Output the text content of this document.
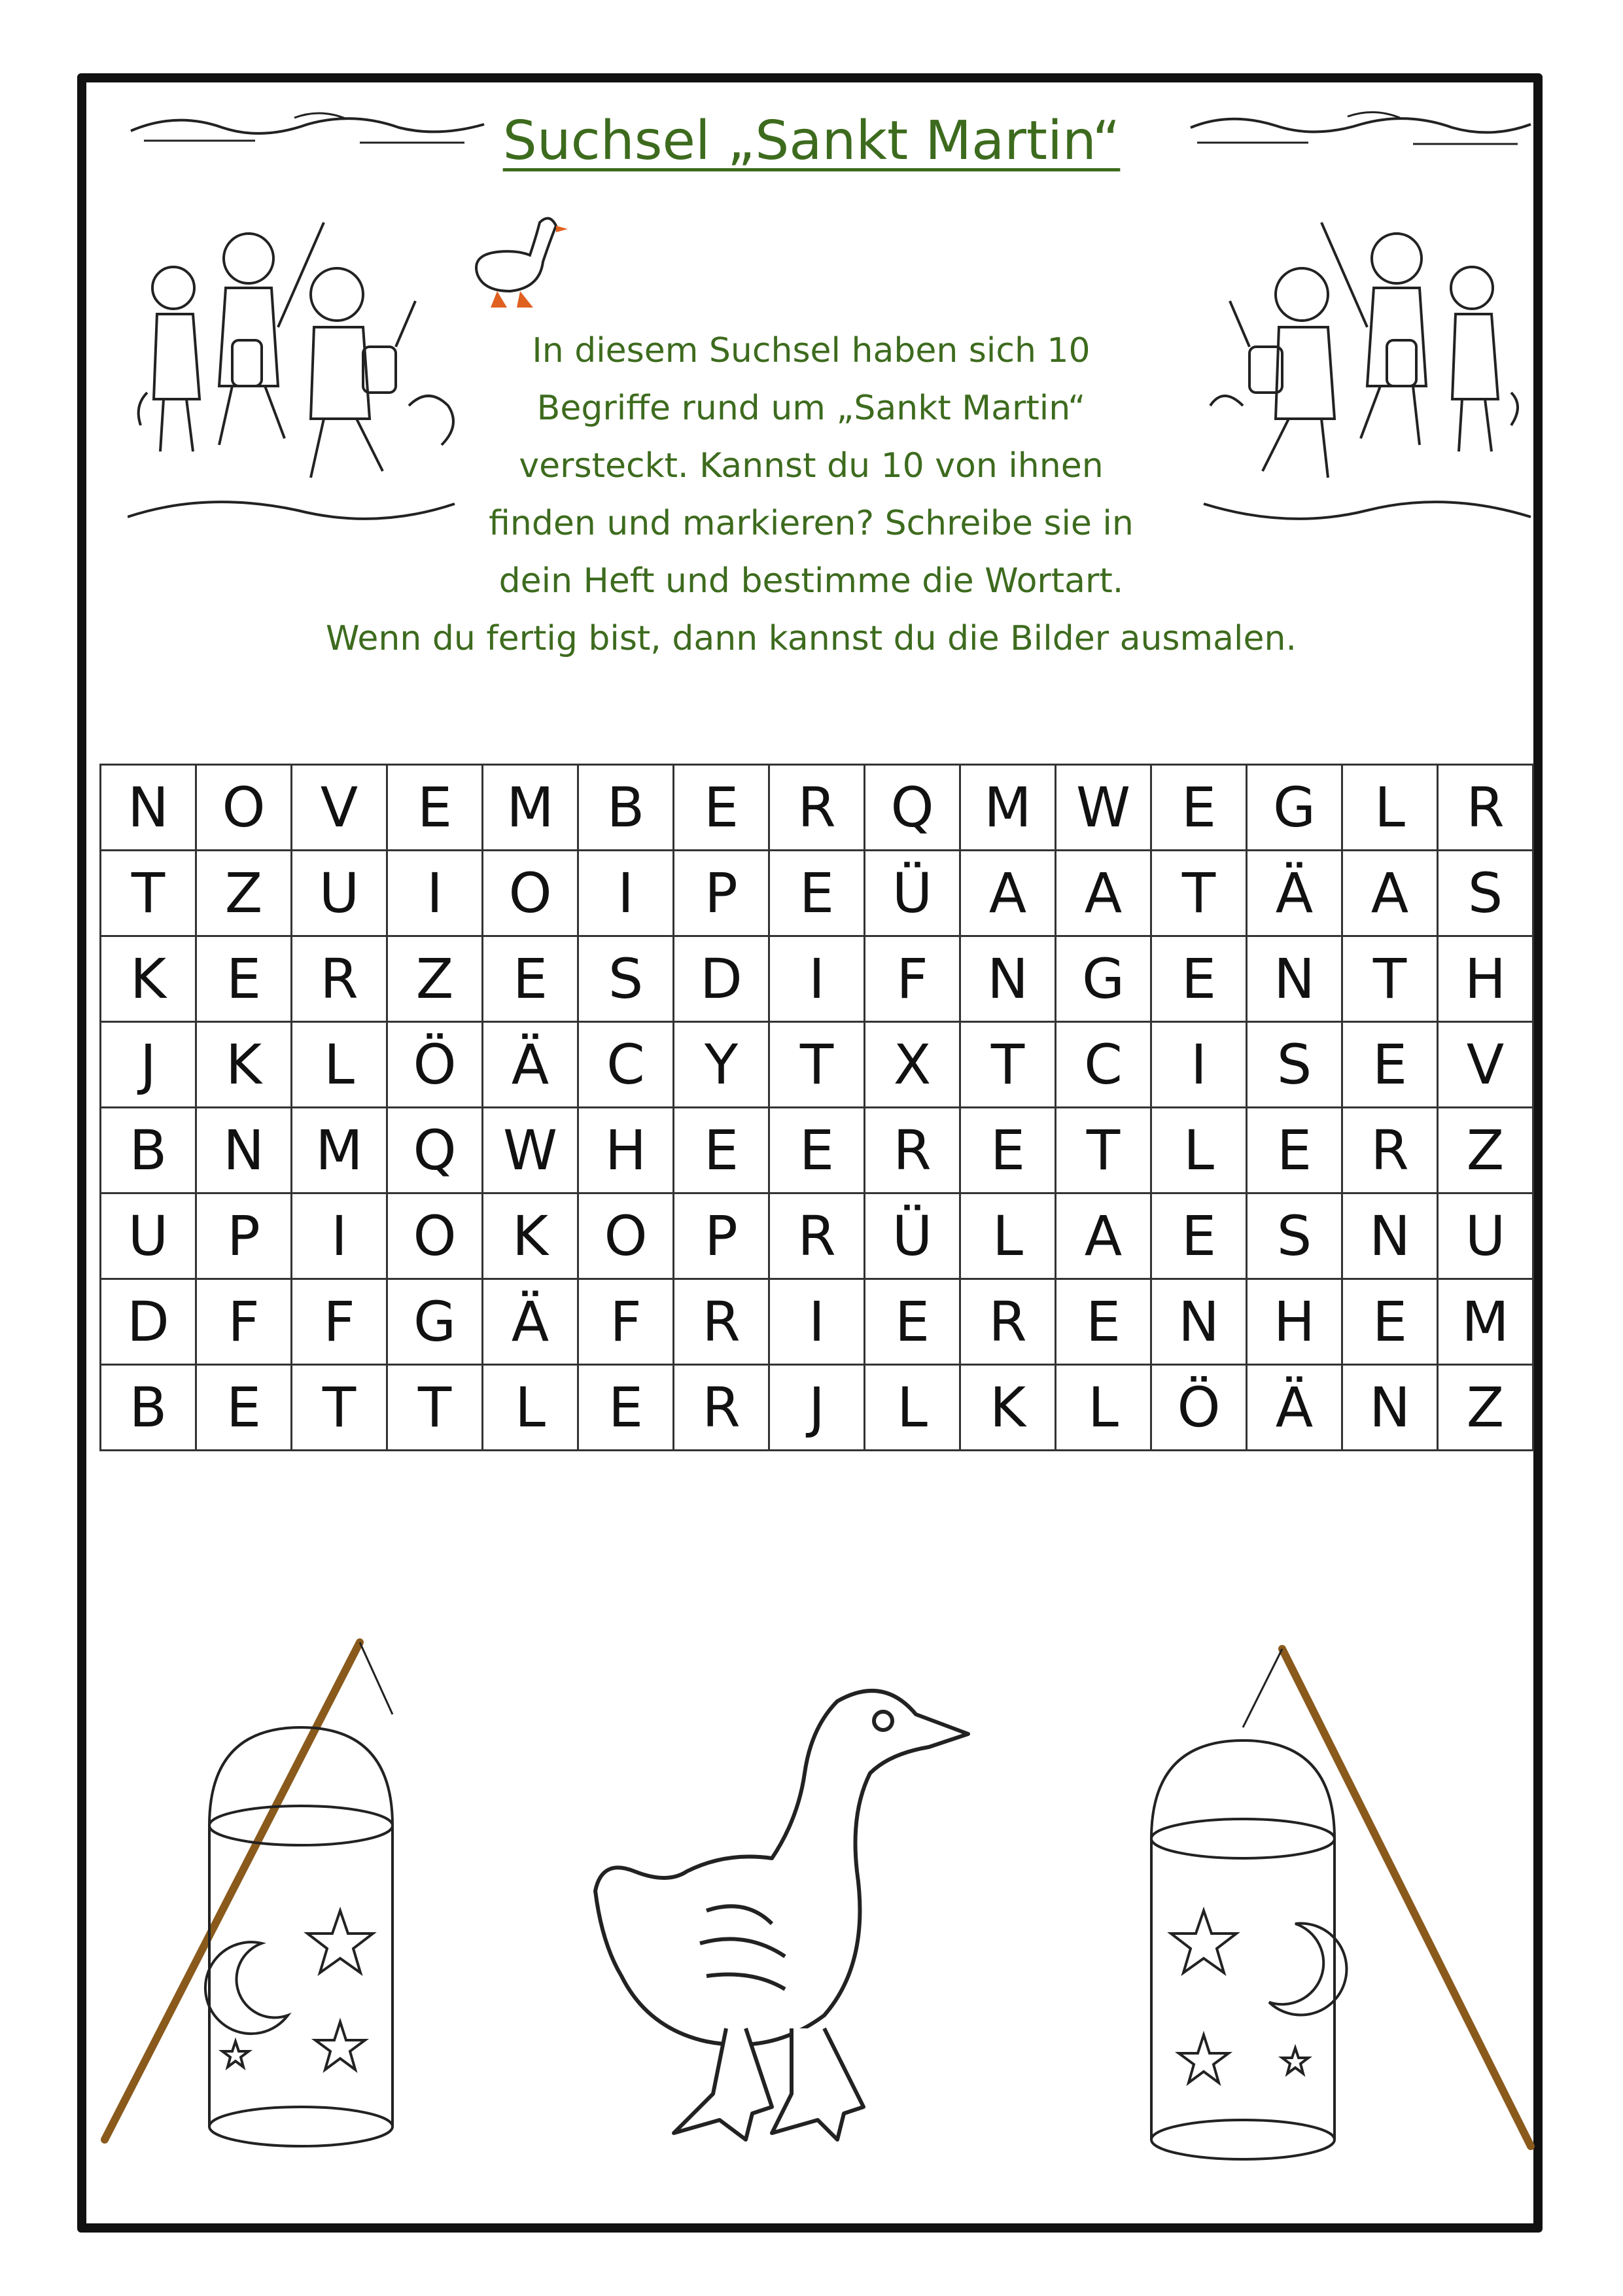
Suchsel „Sankt Martin“
In diesem Suchsel haben sich 10
Begriffe rund um „Sankt Martin“
versteckt. Kannst du 10 von ihnen
finden und markieren? Schreibe sie in
dein Heft und bestimme die Wortart.
Wenn du fertig bist, dann kannst du die Bilder ausmalen.
N	O	V	E	M	B	E	R	Q	M	W	E	G	L	R
T	Z	U	I	O	I	P	E	Ü	A	A	T	Ä	A	S
K	E	R	Z	E	S	D	I	F	N	G	E	N	T	H
J	K	L	Ö	Ä	C	Y	T	X	T	C	I	S	E	V
B	N	M	Q	W	H	E	E	R	E	T	L	E	R	Z
U	P	I	O	K	O	P	R	Ü	L	A	E	S	N	U
D	F	F	G	Ä	F	R	I	E	R	E	N	H	E	M
B	E	T	T	L	E	R	J	L	K	L	Ö	Ä	N	Z
